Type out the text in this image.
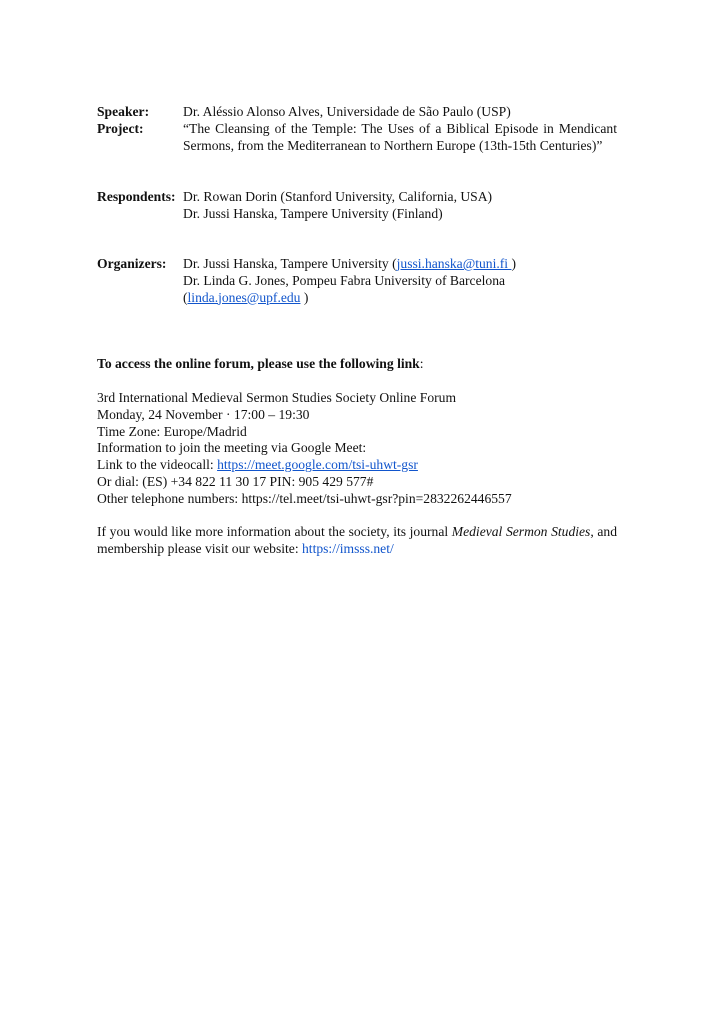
Speaker: Dr. Aléssio Alonso Alves, Universidade de São Paulo (USP)
Project:	“The Cleansing of the Temple: The Uses of a Biblical Episode in Mendicant Sermons, from the Mediterranean to Northern Europe (13th-15th Centuries)”
Respondents: Dr. Rowan Dorin (Stanford University, California, USA)
Dr. Jussi Hanska, Tampere University (Finland)
Organizers: Dr. Jussi Hanska, Tampere University (jussi.hanska@tuni.fi )
Dr. Linda G. Jones, Pompeu Fabra University of Barcelona
(linda.jones@upf.edu )
To access the online forum, please use the following link:
3rd International Medieval Sermon Studies Society Online Forum
Monday, 24 November · 17:00 – 19:30
Time Zone: Europe/Madrid
Information to join the meeting via Google Meet:
Link to the videocall: https://meet.google.com/tsi-uhwt-gsr
Or dial: (ES) +34 822 11 30 17 PIN: 905 429 577#
Other telephone numbers: https://tel.meet/tsi-uhwt-gsr?pin=2832262446557
If you would like more information about the society, its journal Medieval Sermon Studies, and membership please visit our website: https://imsss.net/
